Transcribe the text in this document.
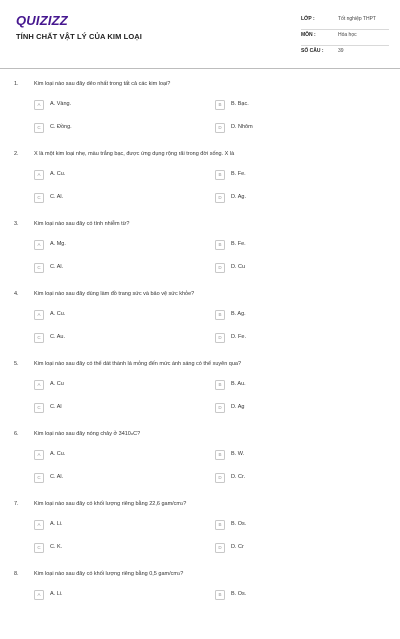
QUIZIZZ
TÍNH CHẤT VẬT LÝ CỦA KIM LOẠI
LỚP :	Tốt nghiệp THPT
MÔN :	Hóa học
SỐ CÂU :	39
1.	Kim loại nào sau đây dẻo nhất trong tất cả các kim loại?
A	A. Vàng.	B	B. Bạc.
C	C. Đồng.	D	D. Nhôm
2.	X là một kim loại nhẹ, màu trắng bạc, được ứng dụng rộng rãi trong đời sống. X là
A	A. Cu.	B	B. Fe.
C	C. Al.	D	D. Ag.
3.	Kim loại nào sau đây có tính nhiễm từ?
A	A. Mg.	B	B. Fe.
C	C. Al.	D	D. Cu
4.	Kim loại nào sau đây dùng làm đồ trang sức và bảo vệ sức khỏe?
A	A. Cu.	B	B. Ag.
C	C. Au.	D	D. Fe.
5.	Kim loại nào sau đây có thể dát thành lá mỏng đến mức ánh sáng có thể xuyên qua?
A	A. Cu	B	B. Au.
C	C. Al	D	D. Ag
6.	Kim loại nào sau đây nóng chảy ở 3410$^o$C?
A	A. Cu.	B	B. W.
C	C. Al.	D	D. Cr.
7.	Kim loại nào sau đây có khối lượng riêng bằng 22,6 gam/$cm^3$?
A	A. Li.	B	B. Os.
C	C. K.	D	D. Cr
8.	Kim loại nào sau đây có khối lượng riêng bằng 0,5 gam/$cm^3$?
A	A. Li.	B	B. Os.
